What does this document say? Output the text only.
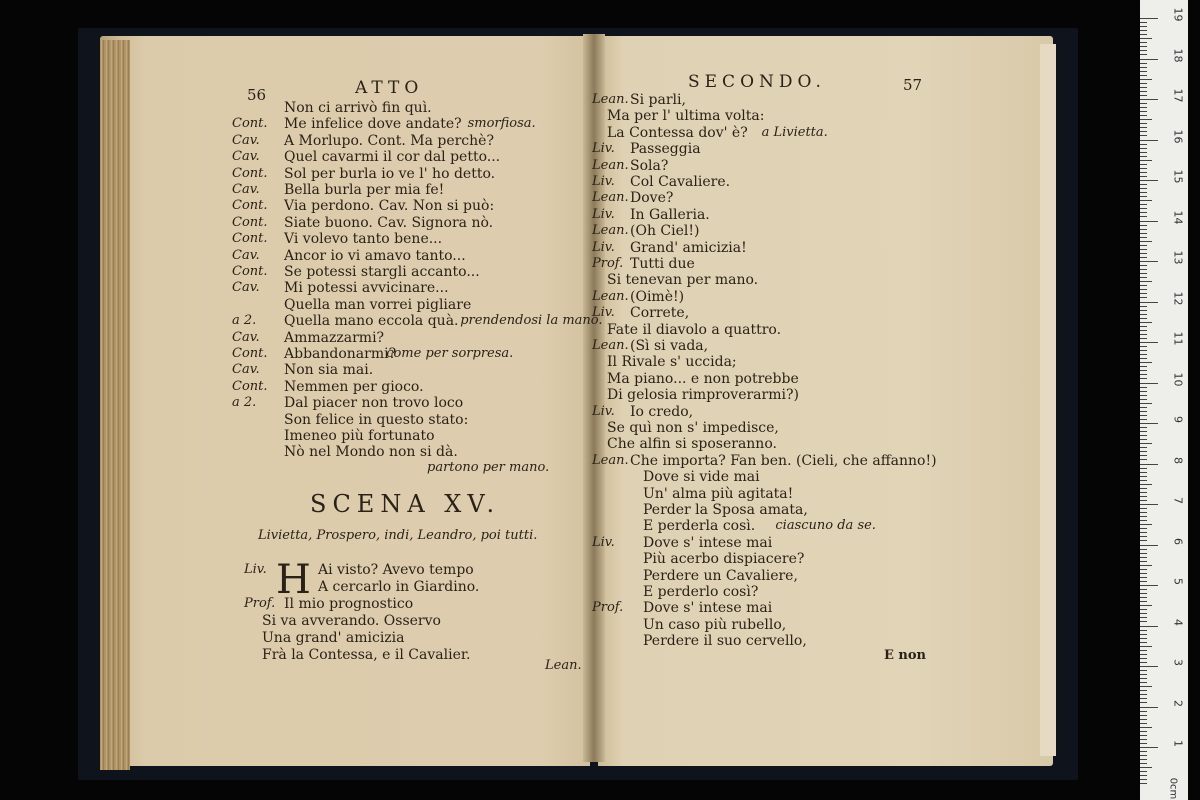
56	ATTO
Non ci arrivò fin quì.
Cont. Me infelice dove andate? smorfiosa.
Cav. A Morlupo. Cont. Ma perchè?
Cav. Quel cavarmi il cor dal petto...
Cont. Sol per burla io ve l' ho detto.
Cav. Bella burla per mia fe!
Cont. Via perdono. Cav. Non si può:
Cont. Siate buono. Cav. Signora nò.
Cont. Vi volevo tanto bene...
Cav. Ancor io vi amavo tanto...
Cont. Se potessi stargli accanto...
Cav. Mi potessi avvicinare...
Quella man vorrei pigliare
a 2. Quella mano eccola quà. prendendosi la mano.
Cav. Ammazzarmi?
Cont. Abbandonarmi?
come per sorpresa.
Cav. Non sia mai.
Cont. Nemmen per gioco.
a 2. Dal piacer non trovo loco
Son felice in questo stato:
Imeneo più fortunato
Nò nel Mondo non si dà.
partono per mano.
SCENA XV.
Livietta, Prospero, indi, Leandro, poi tutti.
H
Liv.	Ai visto? Avevo tempo
A cercarlo in Giardino.
Prof. Il mio prognostico
Si va avverando. Osservo
Una grand' amicizia
Frà la Contessa, e il Cavalier.
Lean.
SECONDO.	57
Lean. Si parli,
Ma per l' ultima volta:
La Contessa dov' è? a Livietta.
Liv. Passeggia
Lean. Sola?
Liv. Col Cavaliere.
Lean. Dove?
Liv. In Galleria.
Lean. (Oh Ciel!)
Liv. Grand' amicizia!
Prof. Tutti due
Si tenevan per mano.
Lean. (Oimè!)
Liv. Correte,
Fate il diavolo a quattro.
Lean. (Sì si vada,
Il Rivale s' uccida;
Ma piano... e non potrebbe
Di gelosia rimproverarmi?)
Liv. Io credo,
Se quì non s' impedisce,
Che alfin si sposeranno.
Lean. Che importa? Fan ben. (Cieli, che affanno!)
Dove si vide mai
Un' alma più agitata!
Perder la Sposa amata,
E perderla così. ciascuno da se.
Liv. Dove s' intese mai
Più acerbo dispiacere?
Perdere un Cavaliere,
E perderlo così?
Prof. Dove s' intese mai
Un caso più rubello,
Perdere il suo cervello,
E non
19
18
17
16
15
14
13
12
11
10
9
8
7
6
5
4
3
2
1
0cm
